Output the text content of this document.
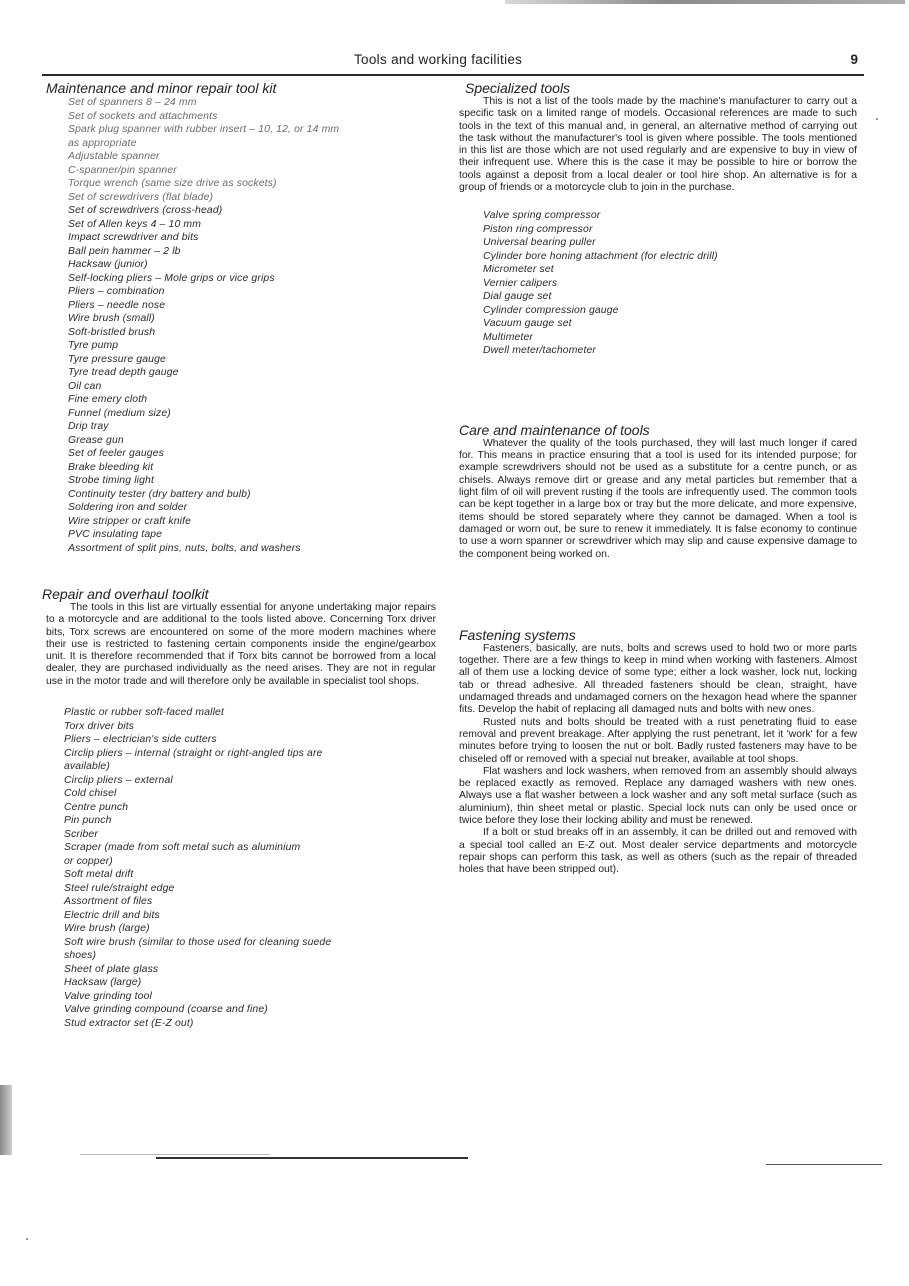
Tools and working facilities	9
Maintenance and minor repair tool kit
Set of spanners 8 – 24 mm
Set of sockets and attachments
Spark plug spanner with rubber insert – 10, 12, or 14 mm
as appropriate
Adjustable spanner
C-spanner/pin spanner
Torque wrench (same size drive as sockets)
Set of screwdrivers (flat blade)
Set of screwdrivers (cross-head)
Set of Allen keys 4 – 10 mm
Impact screwdriver and bits
Ball pein hammer – 2 lb
Hacksaw (junior)
Self-locking pliers – Mole grips or vice grips
Pliers – combination
Pliers – needle nose
Wire brush (small)
Soft-bristled brush
Tyre pump
Tyre pressure gauge
Tyre tread depth gauge
Oil can
Fine emery cloth
Funnel (medium size)
Drip tray
Grease gun
Set of feeler gauges
Brake bleeding kit
Strobe timing light
Continuity tester (dry battery and bulb)
Soldering iron and solder
Wire stripper or craft knife
PVC insulating tape
Assortment of split pins, nuts, bolts, and washers
Repair and overhaul toolkit

The tools in this list are virtually essential for anyone undertaking major repairs to a motorcycle and are additional to the tools listed above. Concerning Torx driver bits, Torx screws are encountered on some of the more modern machines where their use is restricted to fastening certain components inside the engine/gearbox unit. It is therefore recommended that if Torx bits cannot be borrowed from a local dealer, they are purchased individually as the need arises. They are not in regular use in the motor trade and will therefore only be available in specialist tool shops.

Plastic or rubber soft-faced mallet
Torx driver bits
Pliers – electrician's side cutters
Circlip pliers – internal (straight or right-angled tips are
available)
Circlip pliers – external
Cold chisel
Centre punch
Pin punch
Scriber
Scraper (made from soft metal such as aluminium
or copper)
Soft metal drift
Steel rule/straight edge
Assortment of files
Electric drill and bits
Wire brush (large)
Soft wire brush (similar to those used for cleaning suede
shoes)
Sheet of plate glass
Hacksaw (large)
Valve grinding tool
Valve grinding compound (coarse and fine)
Stud extractor set (E-Z out)
Specialized tools

This is not a list of the tools made by the machine's manufacturer to carry out a specific task on a limited range of models. Occasional references are made to such tools in the text of this manual and, in general, an alternative method of carrying out the task without the manufacturer's tool is given where possible. The tools mentioned in this list are those which are not used regularly and are expensive to buy in view of their infrequent use. Where this is the case it may be possible to hire or borrow the tools against a deposit from a local dealer or tool hire shop. An alternative is for a group of friends or a motorcycle club to join in the purchase.

Valve spring compressor
Piston ring compressor
Universal bearing puller
Cylinder bore honing attachment (for electric drill)
Micrometer set
Vernier calipers
Dial gauge set
Cylinder compression gauge
Vacuum gauge set
Multimeter
Dwell meter/tachometer
Care and maintenance of tools

Whatever the quality of the tools purchased, they will last much longer if cared for. This means in practice ensuring that a tool is used for its intended purpose; for example screwdrivers should not be used as a substitute for a centre punch, or as chisels. Always remove dirt or grease and any metal particles but remember that a light film of oil will prevent rusting if the tools are infrequently used. The common tools can be kept together in a large box or tray but the more delicate, and more expensive, items should be stored separately where they cannot be damaged. When a tool is damaged or worn out, be sure to renew it immediately. It is false economy to continue to use a worn spanner or screwdriver which may slip and cause expensive damage to the component being worked on.

Fastening systems

Fasteners, basically, are nuts, bolts and screws used to hold two or more parts together. There are a few things to keep in mind when working with fasteners. Almost all of them use a locking device of some type; either a lock washer, lock nut, locking tab or thread adhesive. All threaded fasteners should be clean, straight, have undamaged threads and undamaged corners on the hexagon head where the spanner fits. Develop the habit of replacing all damaged nuts and bolts with new ones.

Rusted nuts and bolts should be treated with a rust penetrating fluid to ease removal and prevent breakage. After applying the rust penetrant, let it 'work' for a few minutes before trying to loosen the nut or bolt. Badly rusted fasteners may have to be chiseled off or removed with a special nut breaker, available at tool shops.

Flat washers and lock washers, when removed from an assembly should always be replaced exactly as removed. Replace any damaged washers with new ones. Always use a flat washer between a lock washer and any soft metal surface (such as aluminium), thin sheet metal or plastic. Special lock nuts can only be used once or twice before they lose their locking ability and must be renewed.

If a bolt or stud breaks off in an assembly, it can be drilled out and removed with a special tool called an E-Z out. Most dealer service departments and motorcycle repair shops can perform this task, as well as others (such as the repair of threaded holes that have been stripped out).
